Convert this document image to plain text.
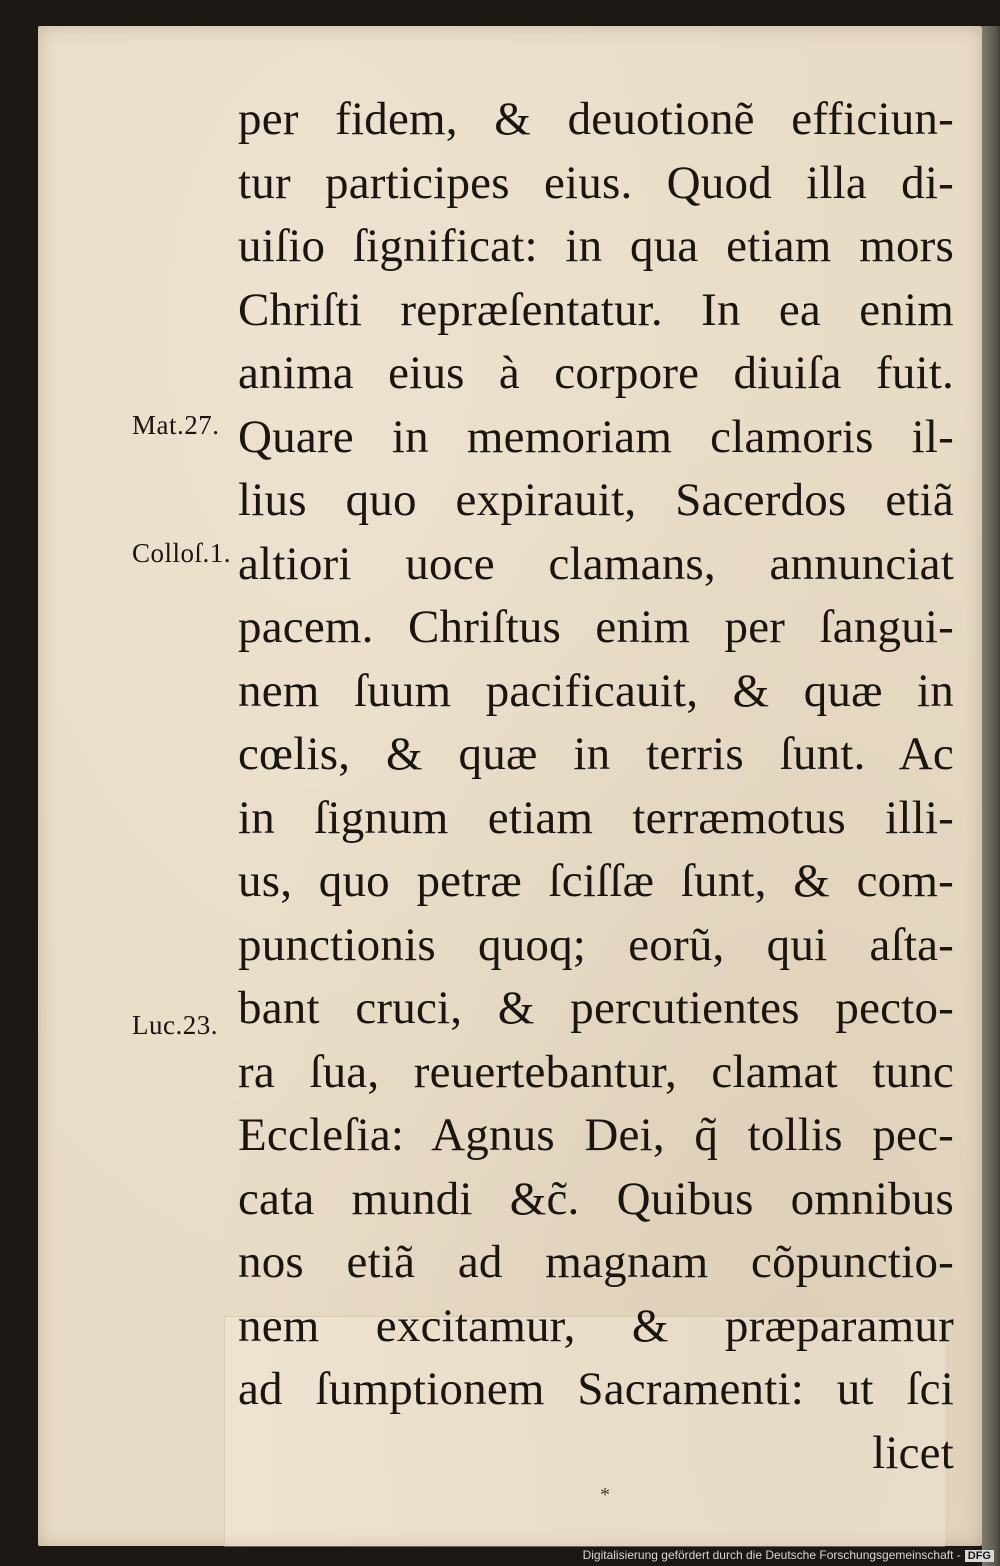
Mat.27.
Colloſ.1.
Luc.23.
*
per fidem, & deuotionẽ efficiun-
tur participes eius. Quod illa di-
uiſio ſignificat: in qua etiam mors
Chriſti repræſentatur. In ea enim
anima eius à corpore diuiſa fuit.
Quare in memoriam clamoris il-
lius quo expirauit, Sacerdos etiã
altiori uoce clamans, annunciat
pacem. Chriſtus enim per ſangui-
nem ſuum pacificauit, & quæ in
cœlis, & quæ in terris ſunt. Ac
in ſignum etiam terræmotus illi-
us, quo petræ ſciſſæ ſunt, & com-
punctionis quoq; eorũ, qui aſta-
bant cruci, & percutientes pecto-
ra ſua, reuertebantur, clamat tunc
Eccleſia: Agnus Dei, q̃ tollis pec-
cata mundi &c̃. Quibus omnibus
nos etiã ad magnam cõpunctio-
nem excitamur, & præparamur
ad ſumptionem Sacramenti: ut ſci
licet
Digitalisierung gefördert durch die Deutsche Forschungsgemeinschaft - DFG
